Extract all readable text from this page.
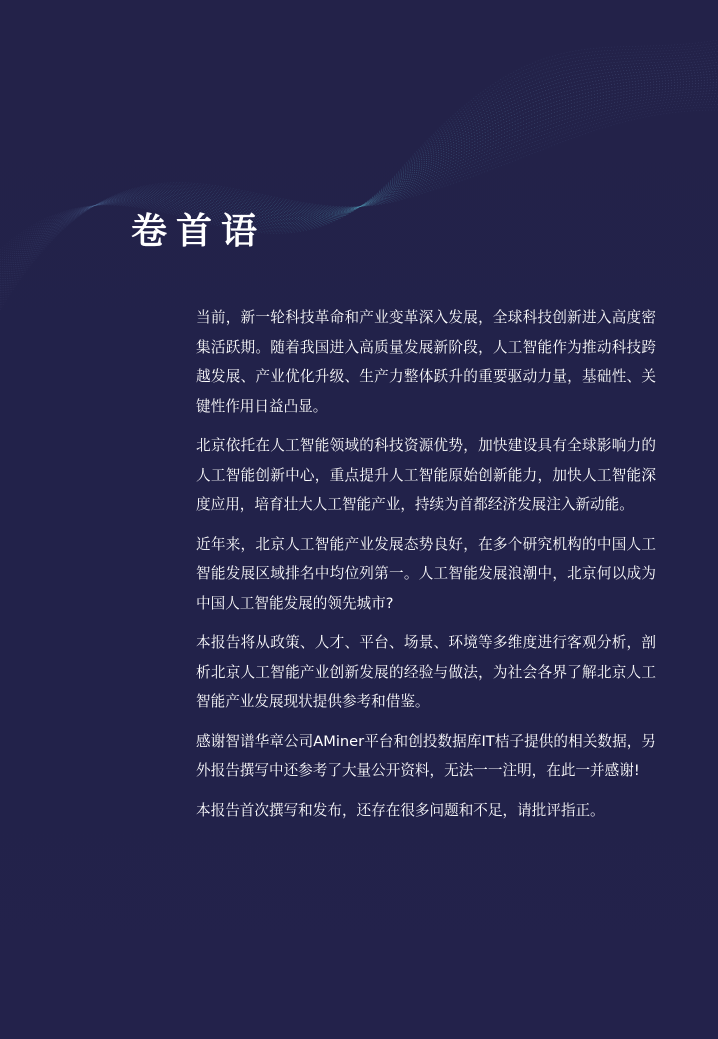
卷首语

当前，新一轮科技革命和产业变革深入发展，全球科技创新进入高度密集活跃期。随着我国进入高质量发展新阶段，人工智能作为推动科技跨越发展、产业优化升级、生产力整体跃升的重要驱动力量，基础性、关键性作用日益凸显。

北京依托在人工智能领域的科技资源优势，加快建设具有全球影响力的人工智能创新中心，重点提升人工智能原始创新能力，加快人工智能深度应用，培育壮大人工智能产业，持续为首都经济发展注入新动能。

近年来，北京人工智能产业发展态势良好，在多个研究机构的中国人工智能发展区域排名中均位列第一。人工智能发展浪潮中，北京何以成为中国人工智能发展的领先城市?

本报告将从政策、人才、平台、场景、环境等多维度进行客观分析，剖析北京人工智能产业创新发展的经验与做法，为社会各界了解北京人工智能产业发展现状提供参考和借鉴。

感谢智谱华章公司AMiner平台和创投数据库IT桔子提供的相关数据，另外报告撰写中还参考了大量公开资料，无法一一注明，在此一并感谢!

本报告首次撰写和发布，还存在很多问题和不足，请批评指正。
